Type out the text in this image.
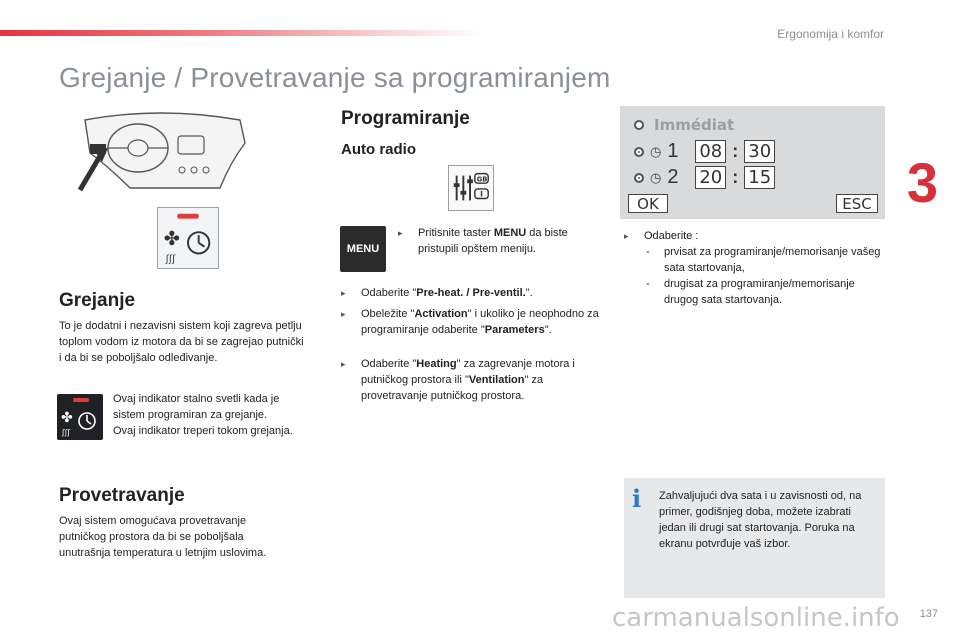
Ergonomija i komfor
3
Grejanje / Provetravanje sa programiranjem
✤
ʃʃʃ
Grejanje
To je dodatni i nezavisni sistem koji zagreva petlju toplom vodom iz motora da bi se zagrejao putnički i da bi se poboljšalo odleđivanje.
✤
ʃʃʃ
Ovaj indikator stalno svetli kada je sistem programiran za grejanje.
Ovaj indikator treperi tokom grejanja.
Provetravanje
Ovaj sistem omogućava provetravanje putničkog prostora da bi se poboljšala unutrašnja temperatura u letnjim uslovima.
Programiranje
Auto radio
GB
MENU
▸	Pritisnite taster MENU da biste pristupili opštem meniju.
▸	Odaberite "Pre-heat. / Pre-ventil.".
▸	Obeležite "Activation" i ukoliko je neophodno za programiranje odaberite "Parameters".
▸	Odaberite "Heating" za zagrevanje motora i putničkog prostora ili "Ventilation" za provetravanje putničkog prostora.
Immédiat
◷ 1	08 : 30
◷ 2	20 : 15
OK	ESC
▸	Odaberite :
-	prvisat za programiranje/memorisanje vašeg sata startovanja,
-	drugisat za programiranje/memorisanje drugog sata startovanja.
i Zahvaljujući dva sata i u zavisnosti od, na primer, godišnjeg doba, možete izabrati jedan ili drugi sat startovanja. Poruka na ekranu potvrđuje vaš izbor.
carmanualsonline.info 137
